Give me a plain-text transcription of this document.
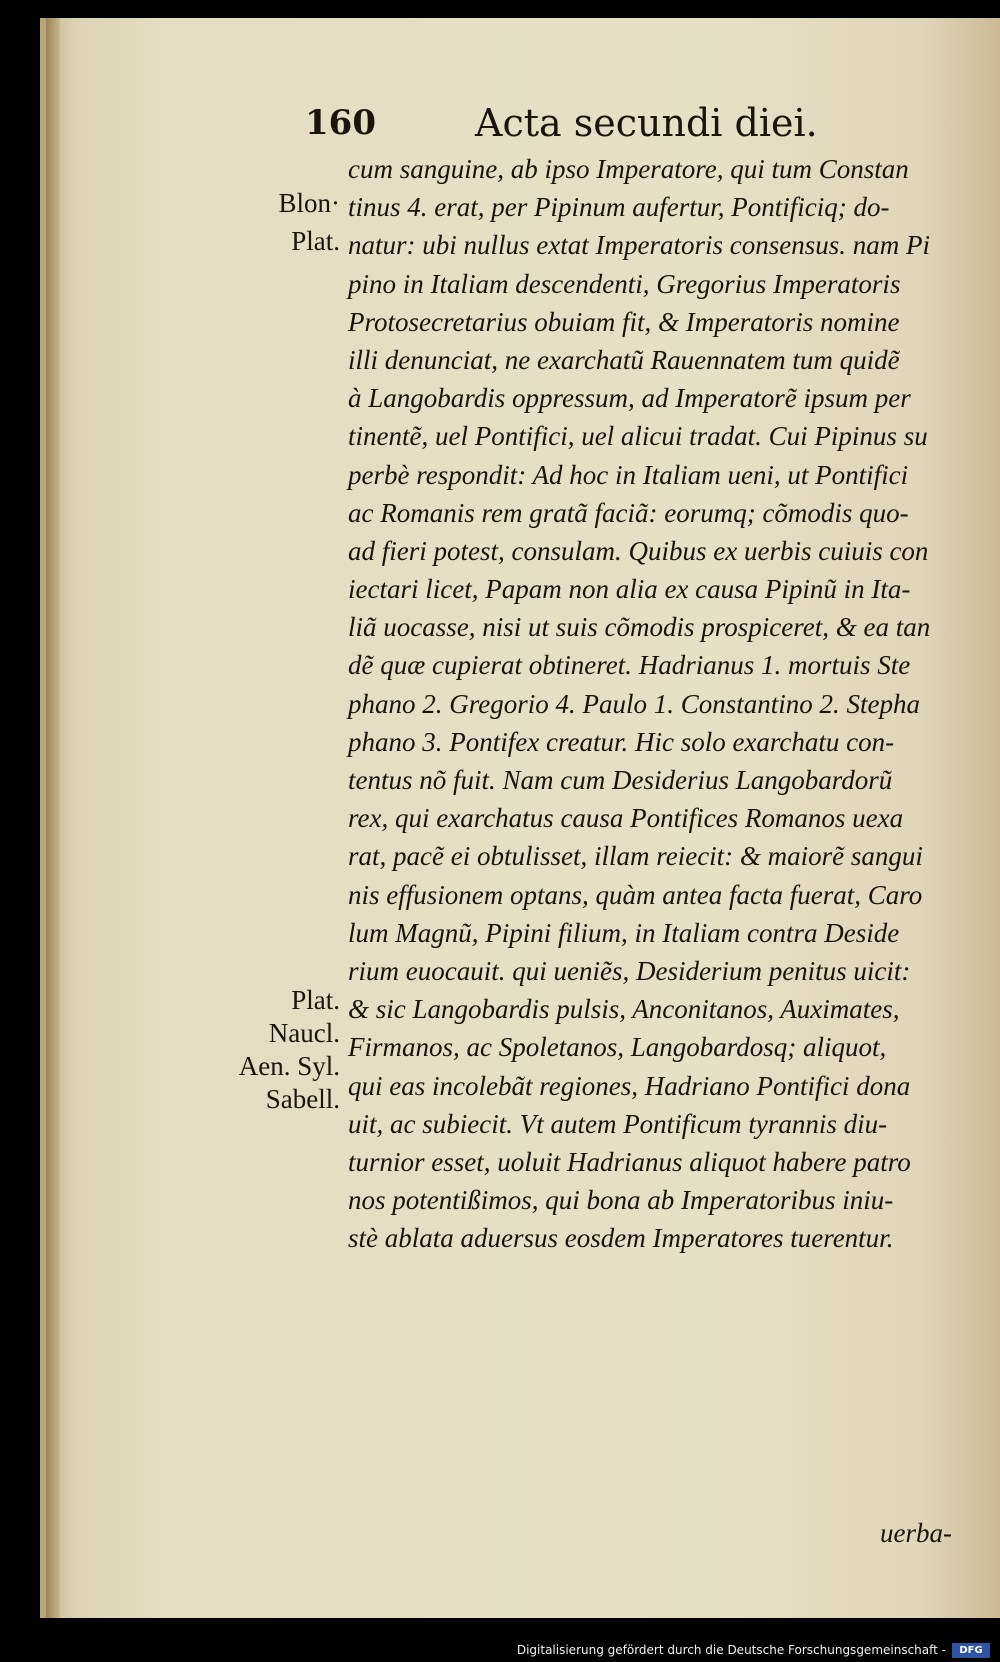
160	Acta secundi diei.
Blon·
Plat.
Plat.
Naucl.
Aen. Syl.
Sabell.
cum sanguine, ab ipso Imperatore, qui tum Constan
tinus 4. erat, per Pipinum aufertur, Pontificiq; do-
natur: ubi nullus extat Imperatoris consensus. nam Pi
pino in Italiam descendenti, Gregorius Imperatoris
Protosecretarius obuiam fit, & Imperatoris nomine
illi denunciat, ne exarchatũ Rauennatem tum quidẽ
à Langobardis oppressum, ad Imperatorẽ ipsum per
tinentẽ, uel Pontifici, uel alicui tradat. Cui Pipinus su
perbè respondit: Ad hoc in Italiam ueni, ut Pontifici
ac Romanis rem gratã faciã: eorumq; cõmodis quo-
ad fieri potest, consulam. Quibus ex uerbis cuiuis con
iectari licet, Papam non alia ex causa Pipinũ in Ita-
liã uocasse, nisi ut suis cõmodis prospiceret, & ea tan
dẽ quæ cupierat obtineret. Hadrianus 1. mortuis Ste
phano 2. Gregorio 4. Paulo 1. Constantino 2. Stepha
phano 3. Pontifex creatur. Hic solo exarchatu con-
tentus nõ fuit. Nam cum Desiderius Langobardorũ
rex, qui exarchatus causa Pontifices Romanos uexa
rat, pacẽ ei obtulisset, illam reiecit: & maiorẽ sangui
nis effusionem optans, quàm antea facta fuerat, Caro
lum Magnũ, Pipini filium, in Italiam contra Deside
rium euocauit. qui ueniẽs, Desiderium penitus uicit:
& sic Langobardis pulsis, Anconitanos, Auximates,
Firmanos, ac Spoletanos, Langobardosq; aliquot,
qui eas incolebãt regiones, Hadriano Pontifici dona
uit, ac subiecit. Vt autem Pontificum tyrannis diu-
turnior esset, uoluit Hadrianus aliquot habere patro
nos potentißimos, qui bona ab Imperatoribus iniu-
stè ablata aduersus eosdem Imperatores tuerentur.
uerba-
Digitalisierung gefördert durch die Deutsche Forschungsgemeinschaft -	DFG
